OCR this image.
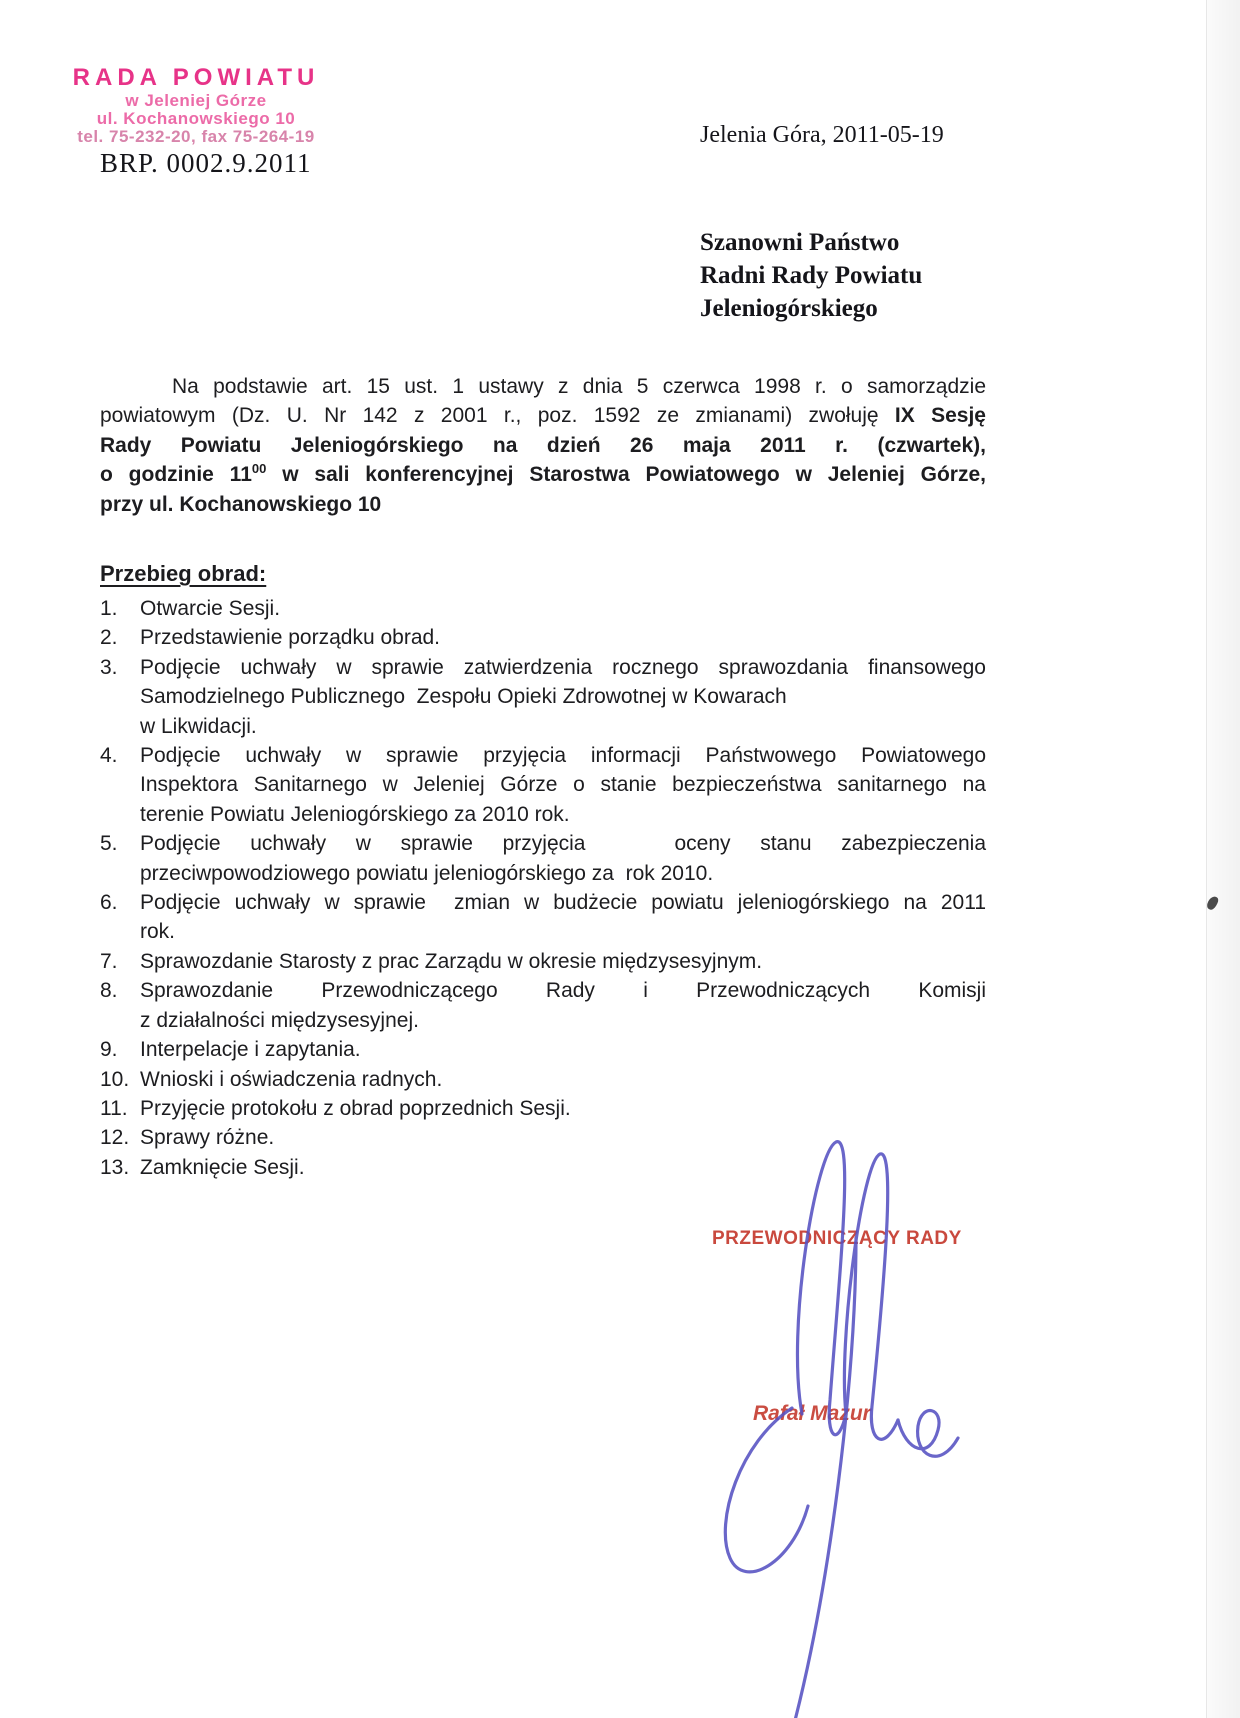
RADA POWIATU
w Jeleniej Górze
ul. Kochanowskiego 10
tel. 75-232-20, fax 75-264-19
BRP. 0002.9.2011
Jelenia Góra, 2011-05-19
Szanowni Państwo
Radni Rady Powiatu
Jeleniogórskiego
Na podstawie art. 15 ust. 1 ustawy z dnia 5 czerwca 1998 r. o samorządzie
powiatowym (Dz. U. Nr 142 z 2001 r., poz. 1592 ze zmianami) zwołuję IX Sesję
Rady Powiatu Jeleniogórskiego na dzień 26 maja 2011 r. (czwartek),
o godzinie $11^{00}$ w sali konferencyjnej Starostwa Powiatowego w Jeleniej Górze,
przy ul. Kochanowskiego 10
Przebieg obrad:
1.	Otwarcie Sesji.
2.	Przedstawienie porządku obrad.
3.	Podjęcie uchwały w sprawie zatwierdzenia rocznego sprawozdania finansowego
Samodzielnego Publicznego  Zespołu Opieki Zdrowotnej w Kowarach
w Likwidacji.
4.	Podjęcie uchwały w sprawie przyjęcia informacji Państwowego Powiatowego
Inspektora Sanitarnego w Jeleniej Górze o stanie bezpieczeństwa sanitarnego na
terenie Powiatu Jeleniogórskiego za 2010 rok.
5.	Podjęcie uchwały w sprawie przyjęcia   oceny stanu zabezpieczenia
przeciwpowodziowego powiatu jeleniogórskiego za  rok 2010.
6.	Podjęcie uchwały w sprawie  zmian w budżecie powiatu jeleniogórskiego na 2011
rok.
7.	Sprawozdanie Starosty z prac Zarządu w okresie międzysesyjnym.
8.	Sprawozdanie Przewodniczącego Rady i Przewodniczących Komisji
z działalności międzysesyjnej.
9.	Interpelacje i zapytania.
10. Wnioski i oświadczenia radnych.
11. Przyjęcie protokołu z obrad poprzednich Sesji.
12. Sprawy różne.
13. Zamknięcie Sesji.
PRZEWODNICZĄCY RADY
Rafał Mazur
